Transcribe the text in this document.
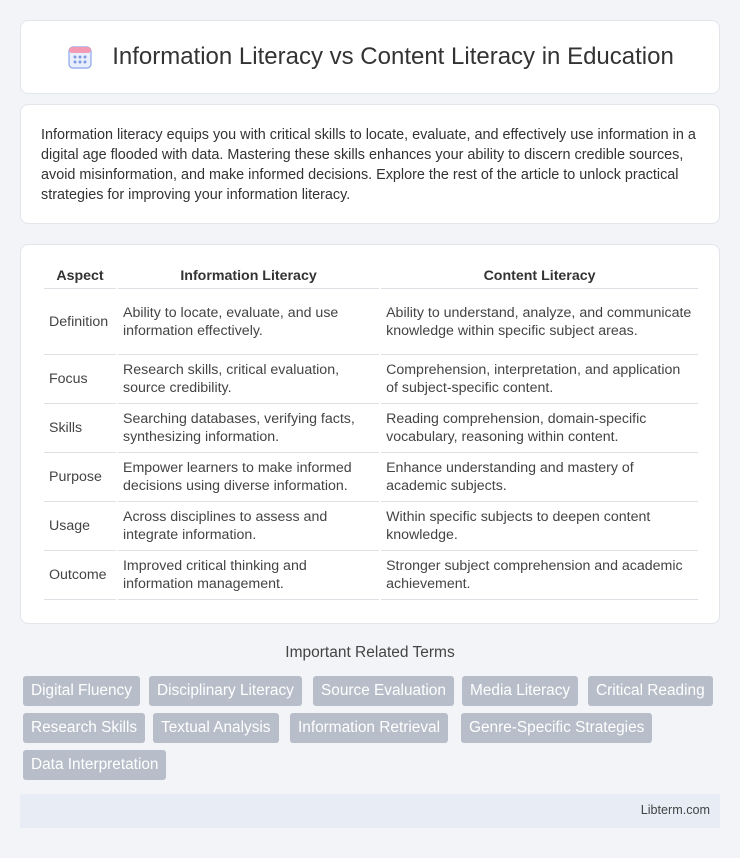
Information Literacy vs Content Literacy in Education

Information literacy equips you with critical skills to locate, evaluate, and effectively use information in a digital age flooded with data. Mastering these skills enhances your ability to discern credible sources, avoid misinformation, and make informed decisions. Explore the rest of the article to unlock practical strategies for improving your information literacy.

Aspect	Information Literacy	Content Literacy
Definition	Ability to locate, evaluate, and use information effectively.	Ability to understand, analyze, and communicate knowledge within specific subject areas.
Focus	Research skills, critical evaluation, source credibility.	Comprehension, interpretation, and application of subject-specific content.
Skills	Searching databases, verifying facts, synthesizing information.	Reading comprehension, domain-specific vocabulary, reasoning within content.
Purpose	Empower learners to make informed decisions using diverse information.	Enhance understanding and mastery of academic subjects.
Usage	Across disciplines to assess and integrate information.	Within specific subjects to deepen content knowledge.
Outcome	Improved critical thinking and information management.	Stronger subject comprehension and academic achievement.
Important Related Terms
Digital Fluency	Disciplinary Literacy	Source Evaluation	Media Literacy	Critical Reading
Research Skills	Textual Analysis	Information Retrieval	Genre-Specific Strategies
Data Interpretation
Libterm.com
